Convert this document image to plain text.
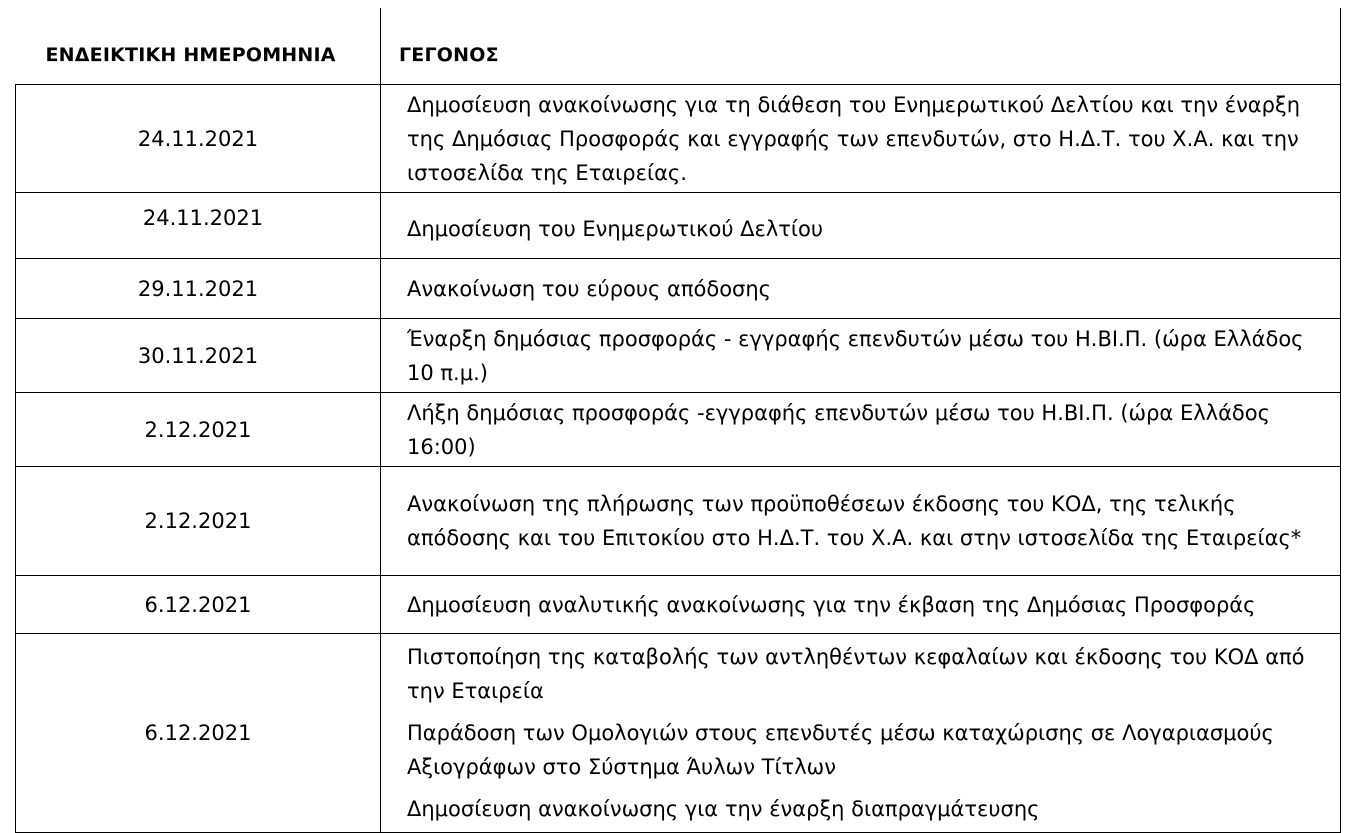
ΕΝΔΕΙΚΤΙΚΗ ΗΜΕΡΟΜΗΝΙΑ	ΓΕΓΟΝΟΣ
24.11.2021	Δημοσίευση ανακοίνωσης για τη διάθεση του Ενημερωτικού Δελτίου και την έναρξη της Δημόσιας Προσφοράς και εγγραφής των επενδυτών, στο Η.Δ.Τ. του Χ.Α. και την ιστοσελίδα της Εταιρείας.

24.11.2021	Δημοσίευση του Ενημερωτικού Δελτίου

29.11.2021	Ανακοίνωση του εύρους απόδοσης

30.11.2021	Έναρξη δημόσιας προσφοράς - εγγραφής επενδυτών μέσω του Η.ΒΙ.Π. (ώρα Ελλάδος 10 π.μ.)

2.12.2021	Λήξη δημόσιας προσφοράς -εγγραφής επενδυτών μέσω του Η.ΒΙ.Π. (ώρα Ελλάδος 16:00)

2.12.2021	Ανακοίνωση της πλήρωσης των προϋποθέσεων έκδοσης του ΚΟΔ, της τελικής απόδοσης και του Επιτοκίου στο Η.Δ.Τ. του Χ.Α. και στην ιστοσελίδα της Εταιρείας*

6.12.2021	Δημοσίευση αναλυτικής ανακοίνωσης για την έκβαση της Δημόσιας Προσφοράς

6.12.2021	Πιστοποίηση της καταβολής των αντληθέντων κεφαλαίων και έκδοσης του ΚΟΔ από την Εταιρεία
Παράδοση των Ομολογιών στους επενδυτές μέσω καταχώρισης σε Λογαριασμούς Αξιογράφων στο Σύστημα Άυλων Τίτλων
Δημοσίευση ανακοίνωσης για την έναρξη διαπραγμάτευσης
